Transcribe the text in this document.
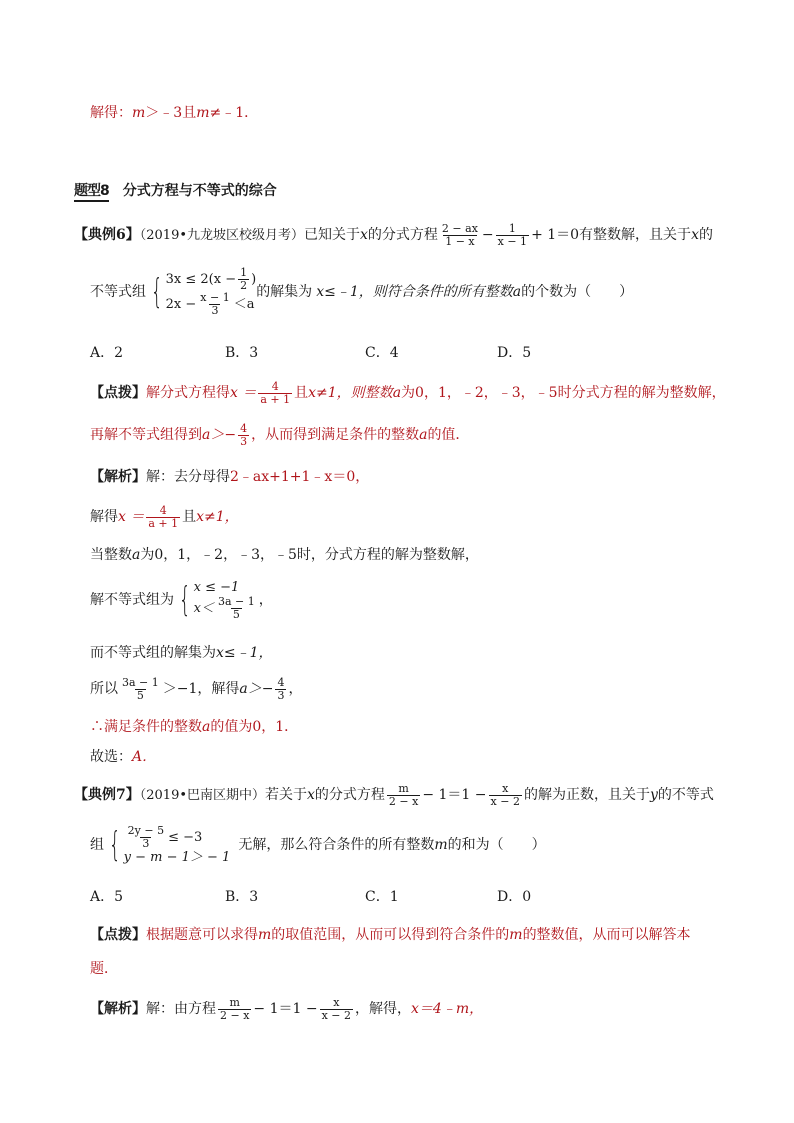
解得：m＞﹣3且m≠﹣1．
题型8 分式方程与不等式的综合
【典例6】（2019•九龙坡区校级月考）已知关于x的分式方程 $\frac{2 - ax}{1 - x} - \frac{1}{x - 1} + 1=0$有整数解，且关于x的
不等式组 { $3x \le 2(x - \frac{1}{2}$ )
$2x - \frac{x - 1}{3} <a$
的解集为 x≤﹣1，则符合条件的所有整数 a 的个数为（　　）
A．2	B．3	C．4	D．5
【点拨】解分式方程得$x = \frac{4}{a + 1}$ 且x≠1，则整数a为0，1，﹣2，﹣3，﹣5时分式方程的解为整数解，
再解不等式组得到$a>- \frac{4}{3}$ ，从而得到满足条件的整数a的值．
【解析】解：去分母得2﹣ax+1+1﹣x＝0，
解得$x = \frac{4}{a + 1}$ 且x≠1，
当整数a为0，1，﹣2，﹣3，﹣5时，分式方程的解为整数解，
解不等式组为 { x ≤ −1
$x< \frac{3a - 1}{5}$ ，
而不等式组的解集为x≤﹣1，
所以 $\frac{3a - 1}{5} >-1$，解得$a>- \frac{4}{3}$ ，
∴满足条件的整数a的值为0，1．
故选：A．
【典例7】（2019•巴南区期中）若关于x的分式方程 $\frac{m}{2 - x} - 1=1 - \frac{x}{x - 2}$ 的解为正数，且关于y的不等式
组 { $\frac{2y - 5}{3} \le -3$
y − m − 1＞ − 1
无解，那么符合条件的所有整数 m 的和为（　　）
A．5	B．3	C．1	D．0
【点拨】根据题意可以求得m的取值范围，从而可以得到符合条件的m的整数值，从而可以解答本
题．
【解析】解：由方程 $\frac{m}{2 - x} - 1=1 - \frac{x}{x - 2}$ ，解得，x＝4﹣m，
